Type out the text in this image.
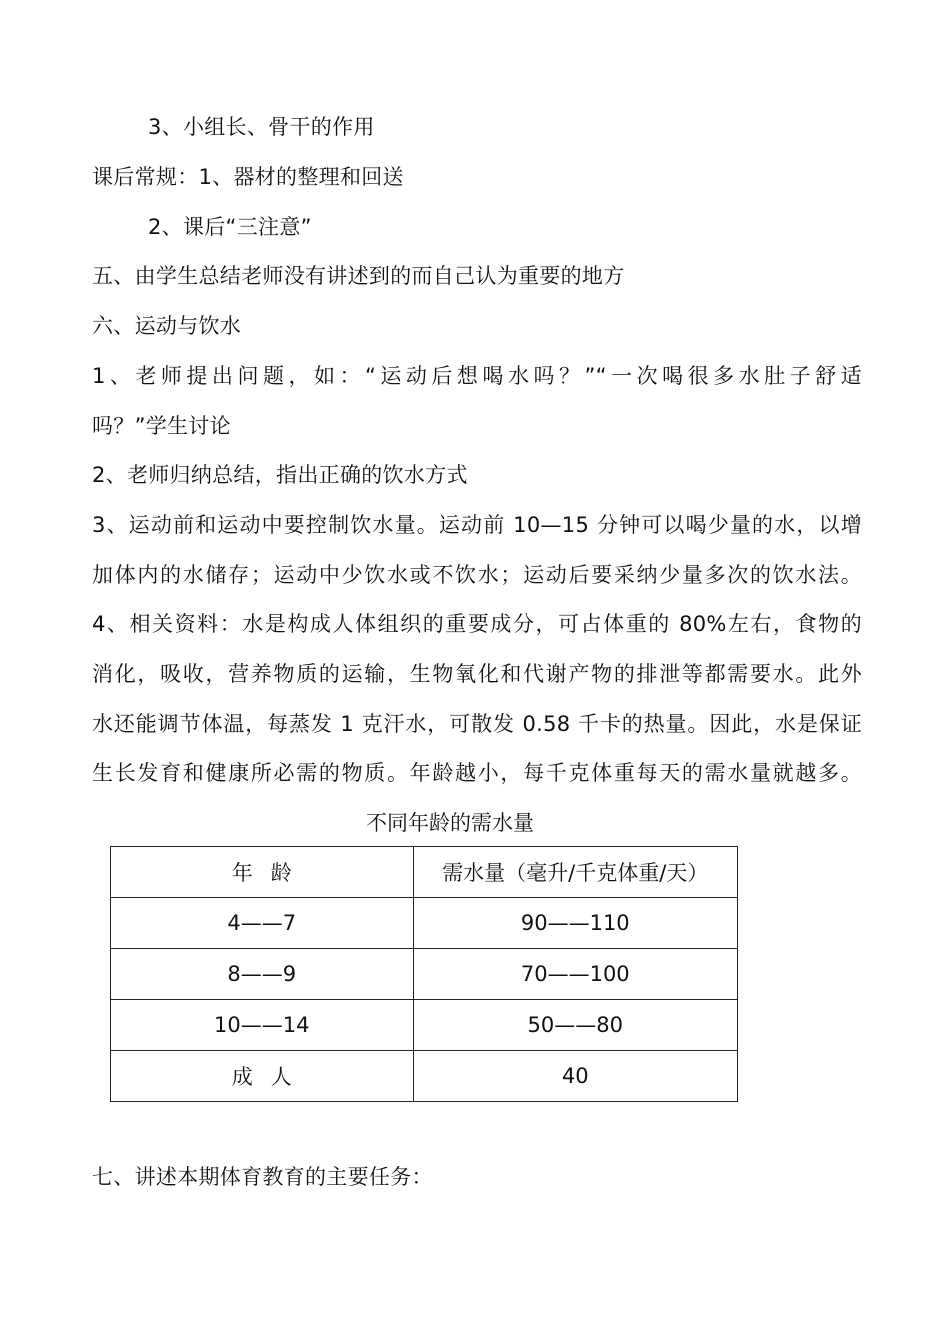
3、小组长、骨干的作用
课后常规：1、器材的整理和回送
2、课后“三注意”
五、由学生总结老师没有讲述到的而自己认为重要的地方
六、运动与饮水
1、老师提出问题，如：“运动后想喝水吗？”“一次喝很多水肚子舒适
吗？”学生讨论
2、老师归纳总结，指出正确的饮水方式
3、运动前和运动中要控制饮水量。运动前 10—15 分钟可以喝少量的水，以增
加体内的水储存；运动中少饮水或不饮水；运动后要采纳少量多次的饮水法。
4、相关资料：水是构成人体组织的重要成分，可占体重的 80%左右，食物的
消化，吸收，营养物质的运输，生物氧化和代谢产物的排泄等都需要水。此外
水还能调节体温，每蒸发 1 克汗水，可散发 0.58 千卡的热量。因此，水是保证
生长发育和健康所必需的物质。年龄越小，每千克体重每天的需水量就越多。
不同年龄的需水量
年龄	需水量（毫升/千克体重/天）
4——7	90——110
8——9	70——100
10——14	50——80
成人	40
七、讲述本期体育教育的主要任务：
